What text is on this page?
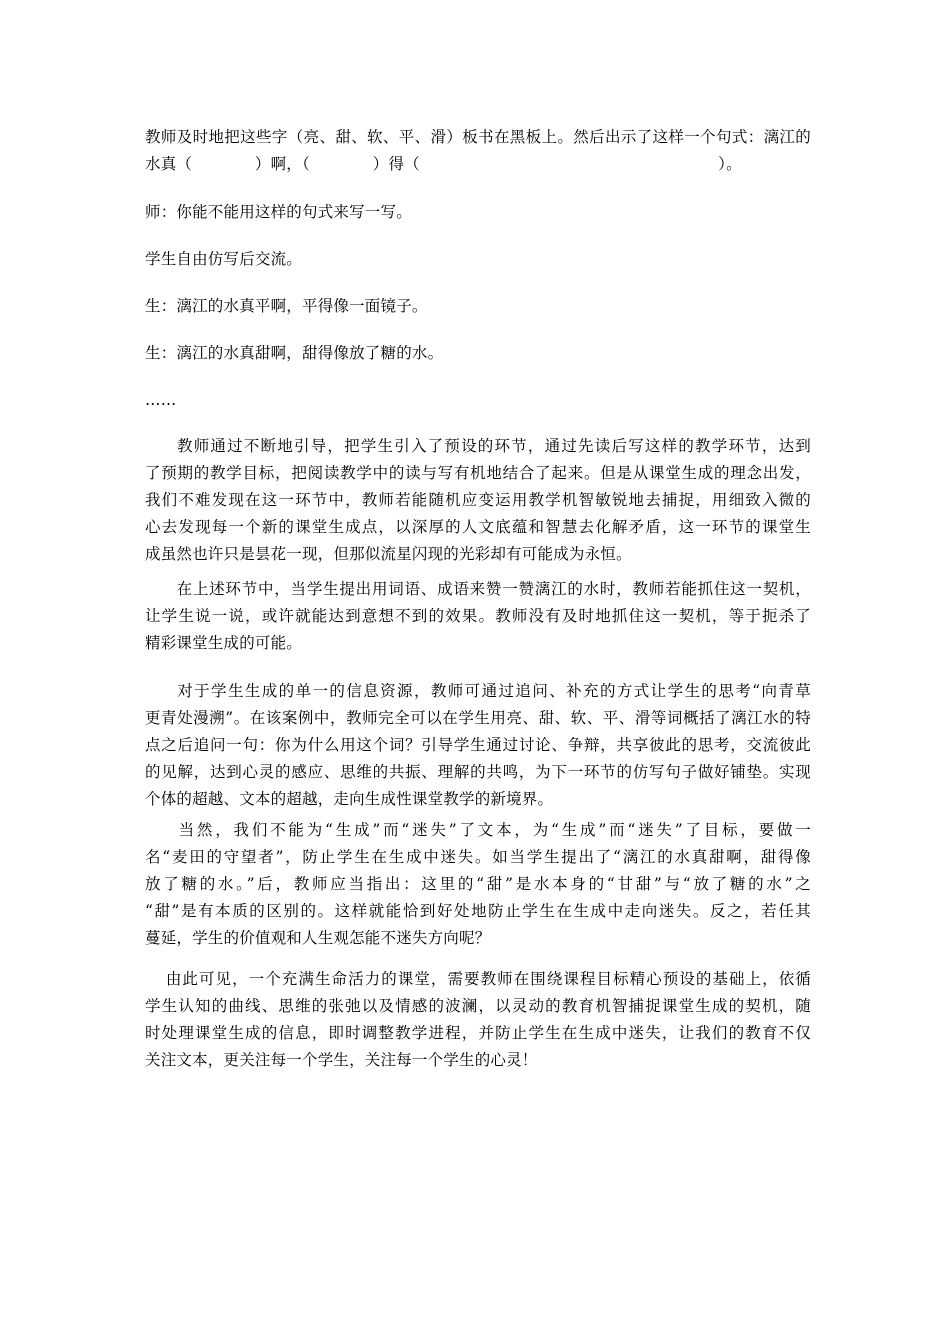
教师及时地把这些字（亮、甜、软、平、滑）板书在黑板上。然后出示了这样一个句式：漓江的
水真（　　　　）啊，（　　　　）得（　　　　　　　　　　　　　　　　　　　）。
师：你能不能用这样的句式来写一写。
学生自由仿写后交流。
生：漓江的水真平啊，平得像一面镜子。
生：漓江的水真甜啊，甜得像放了糖的水。
……
教师通过不断地引导，把学生引入了预设的环节，通过先读后写这样的教学环节，达到
了预期的教学目标，把阅读教学中的读与写有机地结合了起来。但是从课堂生成的理念出发，
我们不难发现在这一环节中，教师若能随机应变运用教学机智敏锐地去捕捉，用细致入微的
心去发现每一个新的课堂生成点，以深厚的人文底蕴和智慧去化解矛盾，这一环节的课堂生
成虽然也许只是昙花一现，但那似流星闪现的光彩却有可能成为永恒。
在上述环节中，当学生提出用词语、成语来赞一赞漓江的水时，教师若能抓住这一契机，
让学生说一说，或许就能达到意想不到的效果。教师没有及时地抓住这一契机，等于扼杀了
精彩课堂生成的可能。
对于学生生成的单一的信息资源，教师可通过追问、补充的方式让学生的思考“向青草
更青处漫溯”。在该案例中，教师完全可以在学生用亮、甜、软、平、滑等词概括了漓江水的特
点之后追问一句：你为什么用这个词？引导学生通过讨论、争辩，共享彼此的思考，交流彼此
的见解，达到心灵的感应、思维的共振、理解的共鸣，为下一环节的仿写句子做好铺垫。实现
个体的超越、文本的超越，走向生成性课堂教学的新境界。
当然，我们不能为“生成”而“迷失”了文本，为“生成”而“迷失”了目标，要做一
名“麦田的守望者”，防止学生在生成中迷失。如当学生提出了“漓江的水真甜啊，甜得像
放了糖的水。”后，教师应当指出：这里的“甜”是水本身的“甘甜”与“放了糖的水”之
“甜”是有本质的区别的。这样就能恰到好处地防止学生在生成中走向迷失。反之，若任其
蔓延，学生的价值观和人生观怎能不迷失方向呢？
由此可见，一个充满生命活力的课堂，需要教师在围绕课程目标精心预设的基础上，依循
学生认知的曲线、思维的张弛以及情感的波澜，以灵动的教育机智捕捉课堂生成的契机，随
时处理课堂生成的信息，即时调整教学进程，并防止学生在生成中迷失，让我们的教育不仅
关注文本，更关注每一个学生，关注每一个学生的心灵！
